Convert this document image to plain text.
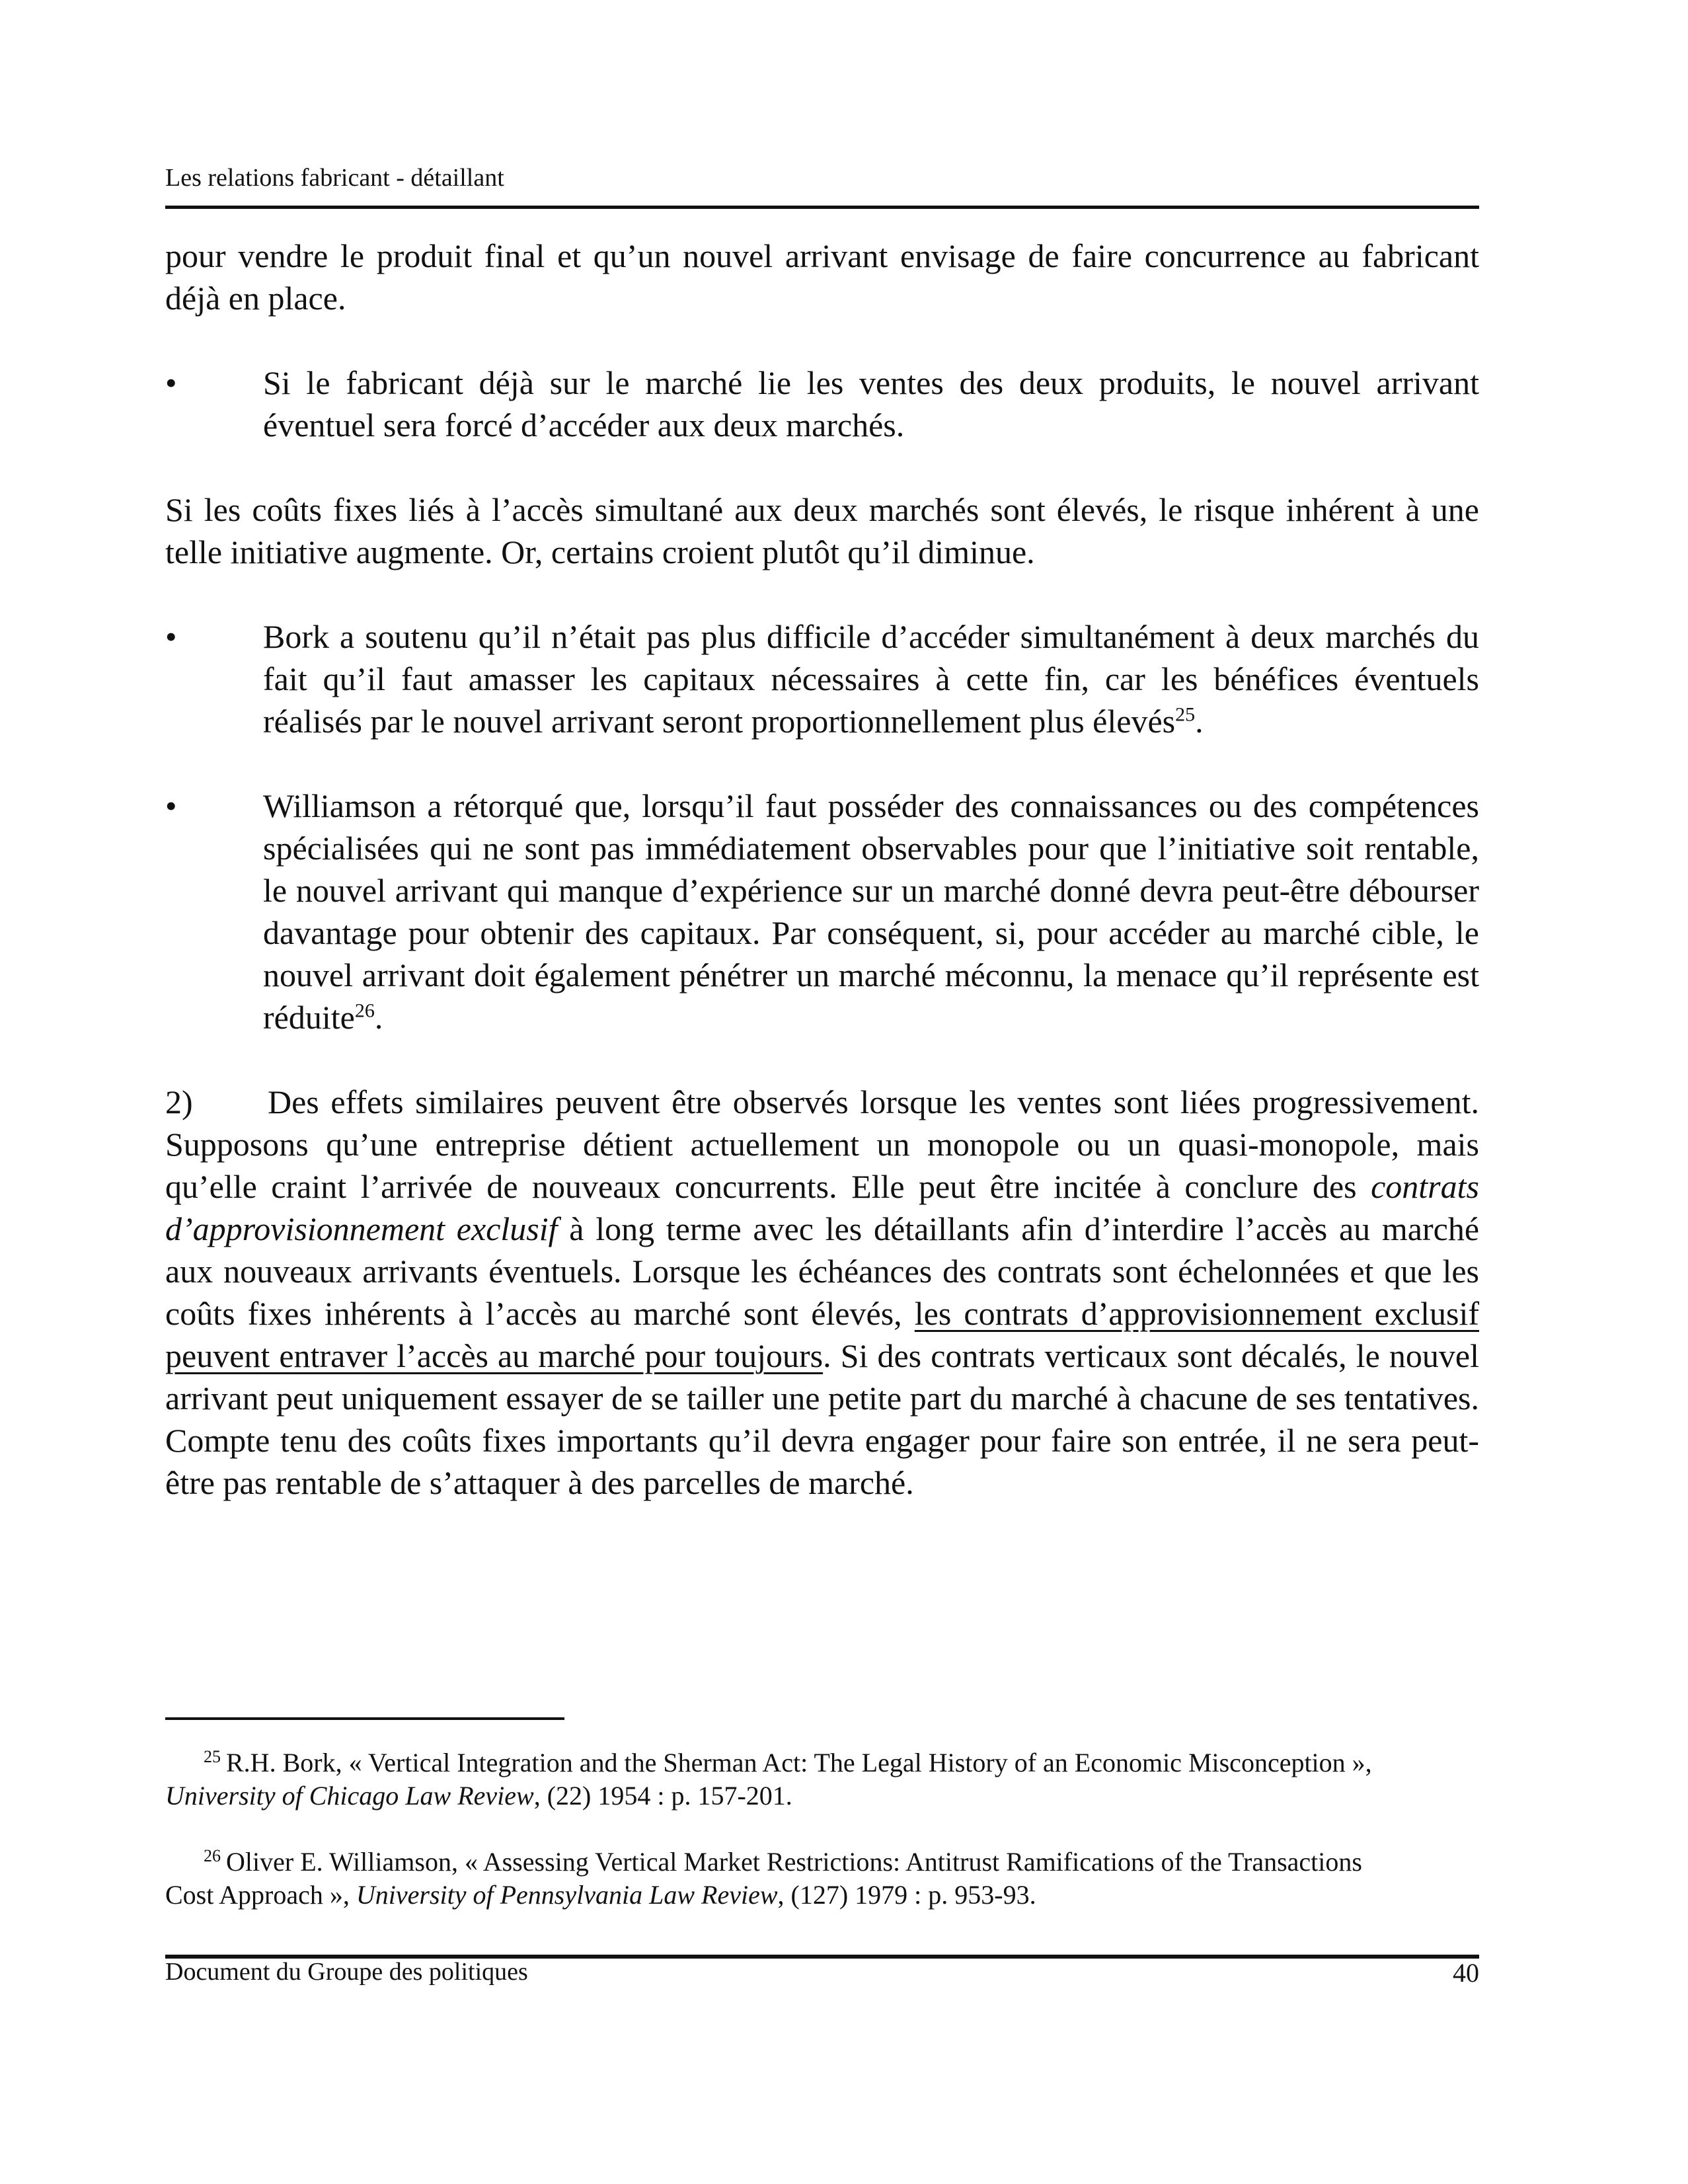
Les relations fabricant - détaillant

pour vendre le produit final et qu’un nouvel arrivant envisage de faire concurrence au fabricant déjà en place.

•	Si le fabricant déjà sur le marché lie les ventes des deux produits, le nouvel arrivant éventuel sera forcé d’accéder aux deux marchés.

Si les coûts fixes liés à l’accès simultané aux deux marchés sont élevés, le risque inhérent à une telle initiative augmente. Or, certains croient plutôt qu’il diminue.

•	Bork a soutenu qu’il n’était pas plus difficile d’accéder simultanément à deux marchés du fait qu’il faut amasser les capitaux nécessaires à cette fin, car les bénéfices éventuels réalisés par le nouvel arrivant seront proportionnellement plus élevés$^{25}$.

•	Williamson a rétorqué que, lorsqu’il faut posséder des connaissances ou des compétences spécialisées qui ne sont pas immédiatement observables pour que l’initiative soit rentable, le nouvel arrivant qui manque d’expérience sur un marché donné devra peut-être débourser davantage pour obtenir des capitaux. Par conséquent, si, pour accéder au marché cible, le nouvel arrivant doit également pénétrer un marché méconnu, la menace qu’il représente est réduite$^{26}$.

2) Des effets similaires peuvent être observés lorsque les ventes sont liées progressivement. Supposons qu’une entreprise détient actuellement un monopole ou un quasi-monopole, mais qu’elle craint l’arrivée de nouveaux concurrents. Elle peut être incitée à conclure des contrats d’approvisionnement exclusif à long terme avec les détaillants afin d’interdire l’accès au marché aux nouveaux arrivants éventuels. Lorsque les échéances des contrats sont échelonnées et que les coûts fixes inhérents à l’accès au marché sont élevés, les contrats d’approvisionnement exclusif peuvent entraver l’accès au marché pour toujours. Si des contrats verticaux sont décalés, le nouvel arrivant peut uniquement essayer de se tailler une petite part du marché à chacune de ses tentatives. Compte tenu des coûts fixes importants qu’il devra engager pour faire son entrée, il ne sera peut-être pas rentable de s’attaquer à des parcelles de marché.

$^{25}$ R.H. Bork, « Vertical Integration and the Sherman Act: The Legal History of an Economic Misconception », University of Chicago Law Review, (22) 1954 : p. 157-201.

$^{26}$ Oliver E. Williamson, « Assessing Vertical Market Restrictions: Antitrust Ramifications of the Transactions Cost Approach », University of Pennsylvania Law Review, (127) 1979 : p. 953-93.

Document du Groupe des politiques	40
